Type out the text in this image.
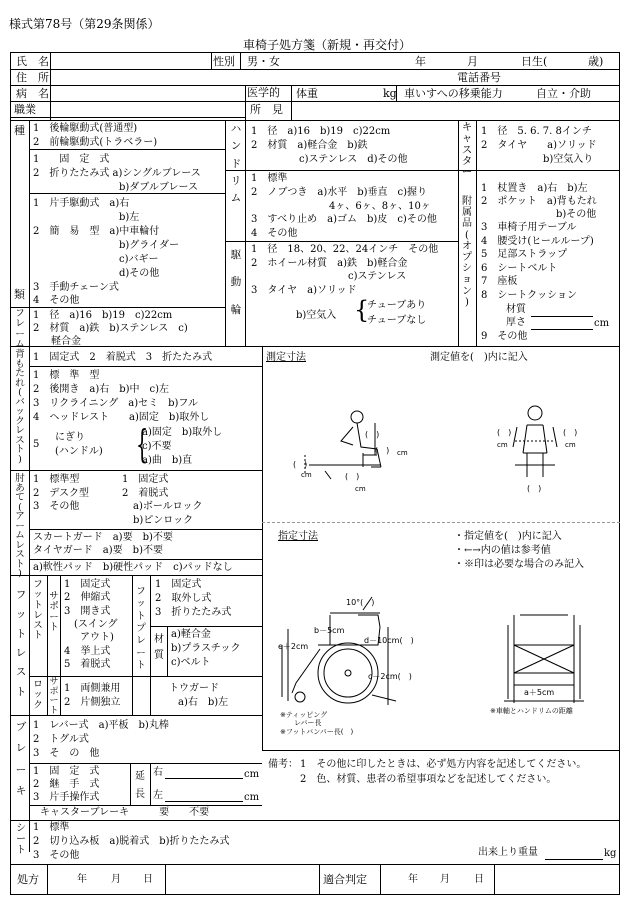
様式第78号（第29条関係）
車椅子処方箋（新規・再交付）
氏　名	性別 男・女	年	月	日生(	歳)
住　所	電話番号
病　名	医学的
所　見
体重	kg 車いすへの移乗能力	自立・介助
職業
種
類
1　後輪駆動式(普通型)
2　前輪駆動式(トラベラー)
1　　固　定　式
2　折りたたみ式 a)シングルブレース
b)ダブルブレース
1　片手駆動式　a)右
b)左
2　簡　易　型　a)中車輪付
b)グライダー
c)バギー
d)その他
3　手動チェーン式
4　その他
ハ
ン
ド
リ
ム
1　径　a)16　b)19　c)22cm
2　材質　a)軽合金　b)鉄
c)ステンレス　d)その他
1　標準
2　ノブつき　a)水平　b)垂直　c)握り
4ヶ、6ヶ、8ヶ、10ヶ
3　すべり止め　a)ゴム　b)皮　c)その他
4　その他
キ
ャ
ス
タ
ー
1　径　5. 6. 7. 8インチ
2　タイヤ　　a)ソリッド
b)空気入り
駆
動
輪
1　径　18、20、22、24インチ　その他
2　ホイール材質　a)鉄　b)軽合金
c)ステンレス
3　タイヤ　a)ソリッド
b)空気入 {
チューブあり
チューブなし
附
属
品
(
オ
プ
シ
ョ
ン
)
1　杖置き　a)右　b)左
2　ポケット　a)背もたれ
b)その他
3　車椅子用テーブル
4　腰受け(ヒールループ)
5　足部ストラップ
6　シートベルト
7　座板
8　シートクッション
材質
厚さ	cm
9　その他
フ
レ
ー
ム
1　径　a)16　b)19　c)22cm
2　材質　a)鉄　b)ステンレス　c)
軽合金
背
も
た
れ
(
バ
ッ
ク
レ
ス
ト
)
1　固定式　2　着脱式　3　折たたみ式
1　標　準　型
2　後開き　a)右　b)中　c)左
3　リクライニング　a)セミ　b)フル
4　ヘッドレスト　　a)固定　b)取外し
5
にぎり
(ハンドル) {
a)固定　b)取外し
c)不要
a)曲　b)直
肘
あ
て
(
ア
ー
ム
レ
ス
ト
)
1　標準型
2　デスク型
3　その他
1　固定式
2　着脱式
a)ボールロック
b)ピンロック
スカートガード　a)要　b)不要
タイヤガード　a)要　b)不要
a)軟性パッド　b)硬性パッド　c)パッドなし
フ
ッ
ト
レ
ス
ト
フ
ッ
ト
レ
ス
ト
サ
ポ
ー
ト
1　固定式
2　伸縮式
3　開き式
(スイング
アウト)
4　挙上式
5　着脱式
フ
ッ
ト
プ
レ
ー
ト
1　固定式
2　取外し式
3　折りたたみ式
材質
a)軽合金
b)プラスチック
c)ベルト
ロ
ッ
ク
サ
ポ
ー
ト
1　両側兼用
2　片側独立
トウガード
a)右　b)左
ブ
レ
ー
キ
1　レバー式　a)平板　b)丸棒
2　トグル式
3　そ　の　他
1　固　定　式
2　継　手　式
3　片手操作式
延
長
右	cm
左	cm
キャスターブレーキ　　　要　　不要
シ
ー
ト
1　標準
2　切り込み板　a)脱着式　b)折りたたみ式
3　その他	出来上り重量	kg
処方	年 月 日	適合判定	年 月 日
測定寸法	測定値を(　)内に記入
(　)
(　) cm
(　)
cm	(　)
cm
(　)
cm
(　)
cm
(　)
指定寸法	・指定値を(　)内に記入
・←→内の値は参考値
・※印は必要な場合のみ記入
10°(　)
b－5cm
d－10cm(　)
e＋2cm
c－2cm(　)
※ティッピング
レバー長
※フットバンパー長(　)
a＋5cm
※車軸とハンドリムの距離
備考： 1　その他に印したときは、必ず処方内容を記述してください。
2　色、材質、患者の希望事項などを記述してください。
